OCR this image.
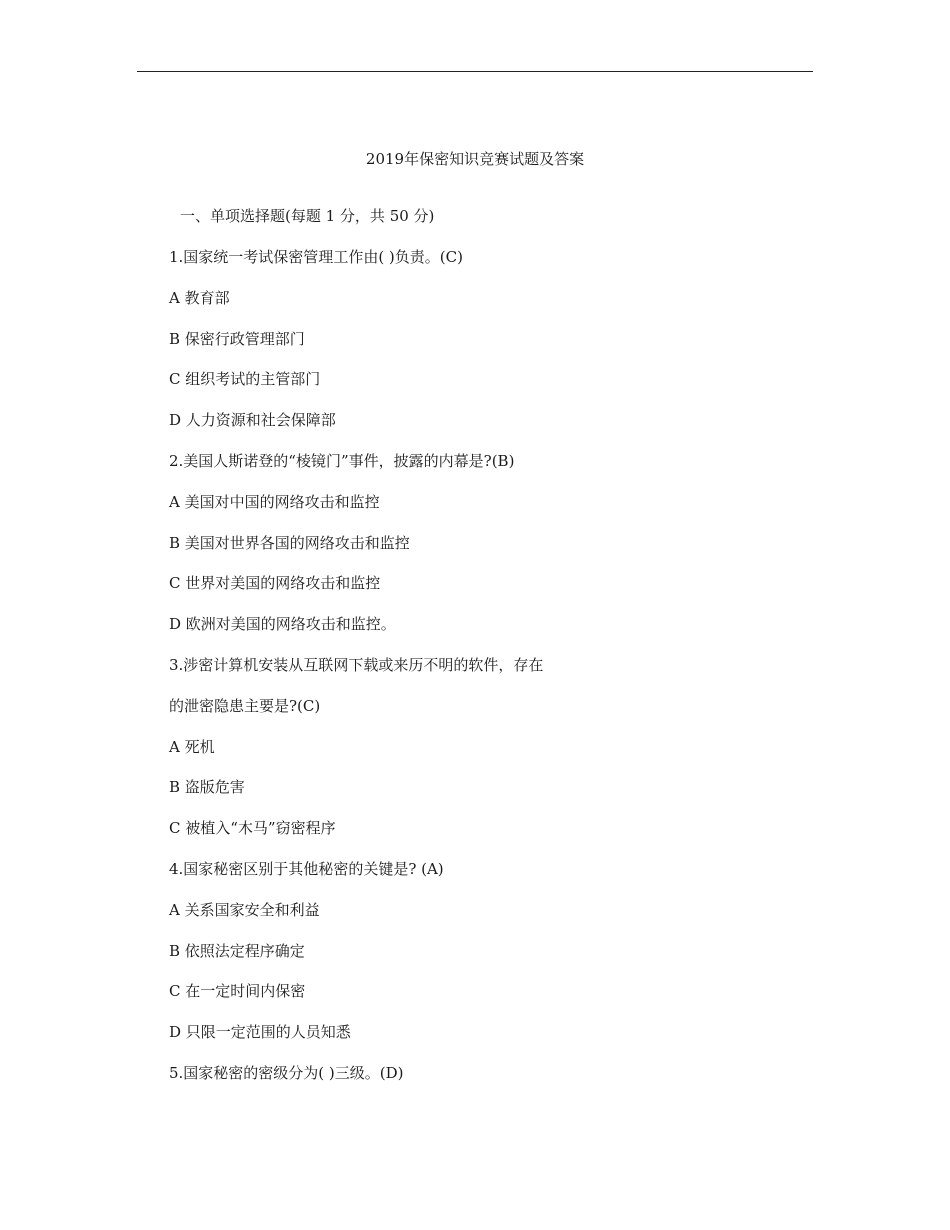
2019年保密知识竞赛试题及答案
一、单项选择题(每题 1 分，共 50 分)
1.国家统一考试保密管理工作由( )负责。(C)
A 教育部
B 保密行政管理部门
C 组织考试的主管部门
D 人力资源和社会保障部
2.美国人斯诺登的“棱镜门”事件，披露的内幕是?(B)
A 美国对中国的网络攻击和监控
B 美国对世界各国的网络攻击和监控
C 世界对美国的网络攻击和监控
D 欧洲对美国的网络攻击和监控。
3.涉密计算机安装从互联网下载或来历不明的软件，存在
的泄密隐患主要是?(C)
A 死机
B 盗版危害
C 被植入“木马”窃密程序
4.国家秘密区别于其他秘密的关键是? (A)
A 关系国家安全和利益
B 依照法定程序确定
C 在一定时间内保密
D 只限一定范围的人员知悉
5.国家秘密的密级分为( )三级。(D)
